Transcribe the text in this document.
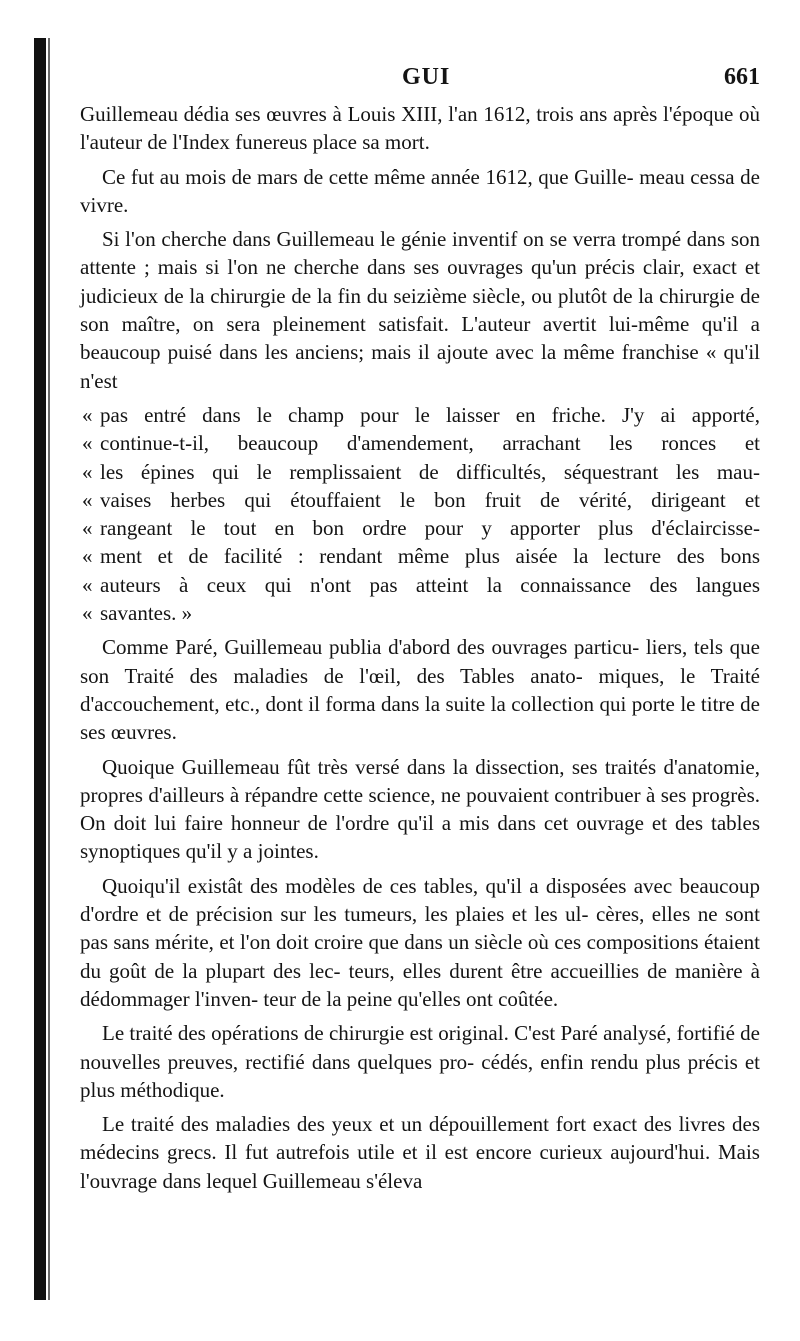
GUI	661

Guillemeau dédia ses œuvres à Louis XIII, l'an 1612, trois ans après l'époque où l'auteur de l'Index funereus place sa mort.

Ce fut au mois de mars de cette même année 1612, que Guille- meau cessa de vivre.

Si l'on cherche dans Guillemeau le génie inventif on se verra trompé dans son attente ; mais si l'on ne cherche dans ses ouvrages qu'un précis clair, exact et judicieux de la chirurgie de la fin du seizième siècle, ou plutôt de la chirurgie de son maître, on sera pleinement satisfait. L'auteur avertit lui-même qu'il a beaucoup puisé dans les anciens; mais il ajoute avec la même franchise « qu'il n'est

« pas entré dans le champ pour le laisser en friche. J'y ai apporté,
« continue-t-il, beaucoup d'amendement, arrachant les ronces et
« les épines qui le remplissaient de difficultés, séquestrant les mau-
« vaises herbes qui étouffaient le bon fruit de vérité, dirigeant et
« rangeant le tout en bon ordre pour y apporter plus d'éclaircisse-
« ment et de facilité : rendant même plus aisée la lecture des bons
« auteurs à ceux qui n'ont pas atteint la connaissance des langues
« savantes. »

Comme Paré, Guillemeau publia d'abord des ouvrages particu- liers, tels que son Traité des maladies de l'œil, des Tables anato- miques, le Traité d'accouchement, etc., dont il forma dans la suite la collection qui porte le titre de ses œuvres.

Quoique Guillemeau fût très versé dans la dissection, ses traités d'anatomie, propres d'ailleurs à répandre cette science, ne pouvaient contribuer à ses progrès. On doit lui faire honneur de l'ordre qu'il a mis dans cet ouvrage et des tables synoptiques qu'il y a jointes.

Quoiqu'il existât des modèles de ces tables, qu'il a disposées avec beaucoup d'ordre et de précision sur les tumeurs, les plaies et les ul- cères, elles ne sont pas sans mérite, et l'on doit croire que dans un siècle où ces compositions étaient du goût de la plupart des lec- teurs, elles durent être accueillies de manière à dédommager l'inven- teur de la peine qu'elles ont coûtée.

Le traité des opérations de chirurgie est original. C'est Paré analysé, fortifié de nouvelles preuves, rectifié dans quelques pro- cédés, enfin rendu plus précis et plus méthodique.

Le traité des maladies des yeux et un dépouillement fort exact des livres des médecins grecs. Il fut autrefois utile et il est encore curieux aujourd'hui. Mais l'ouvrage dans lequel Guillemeau s'éleva
